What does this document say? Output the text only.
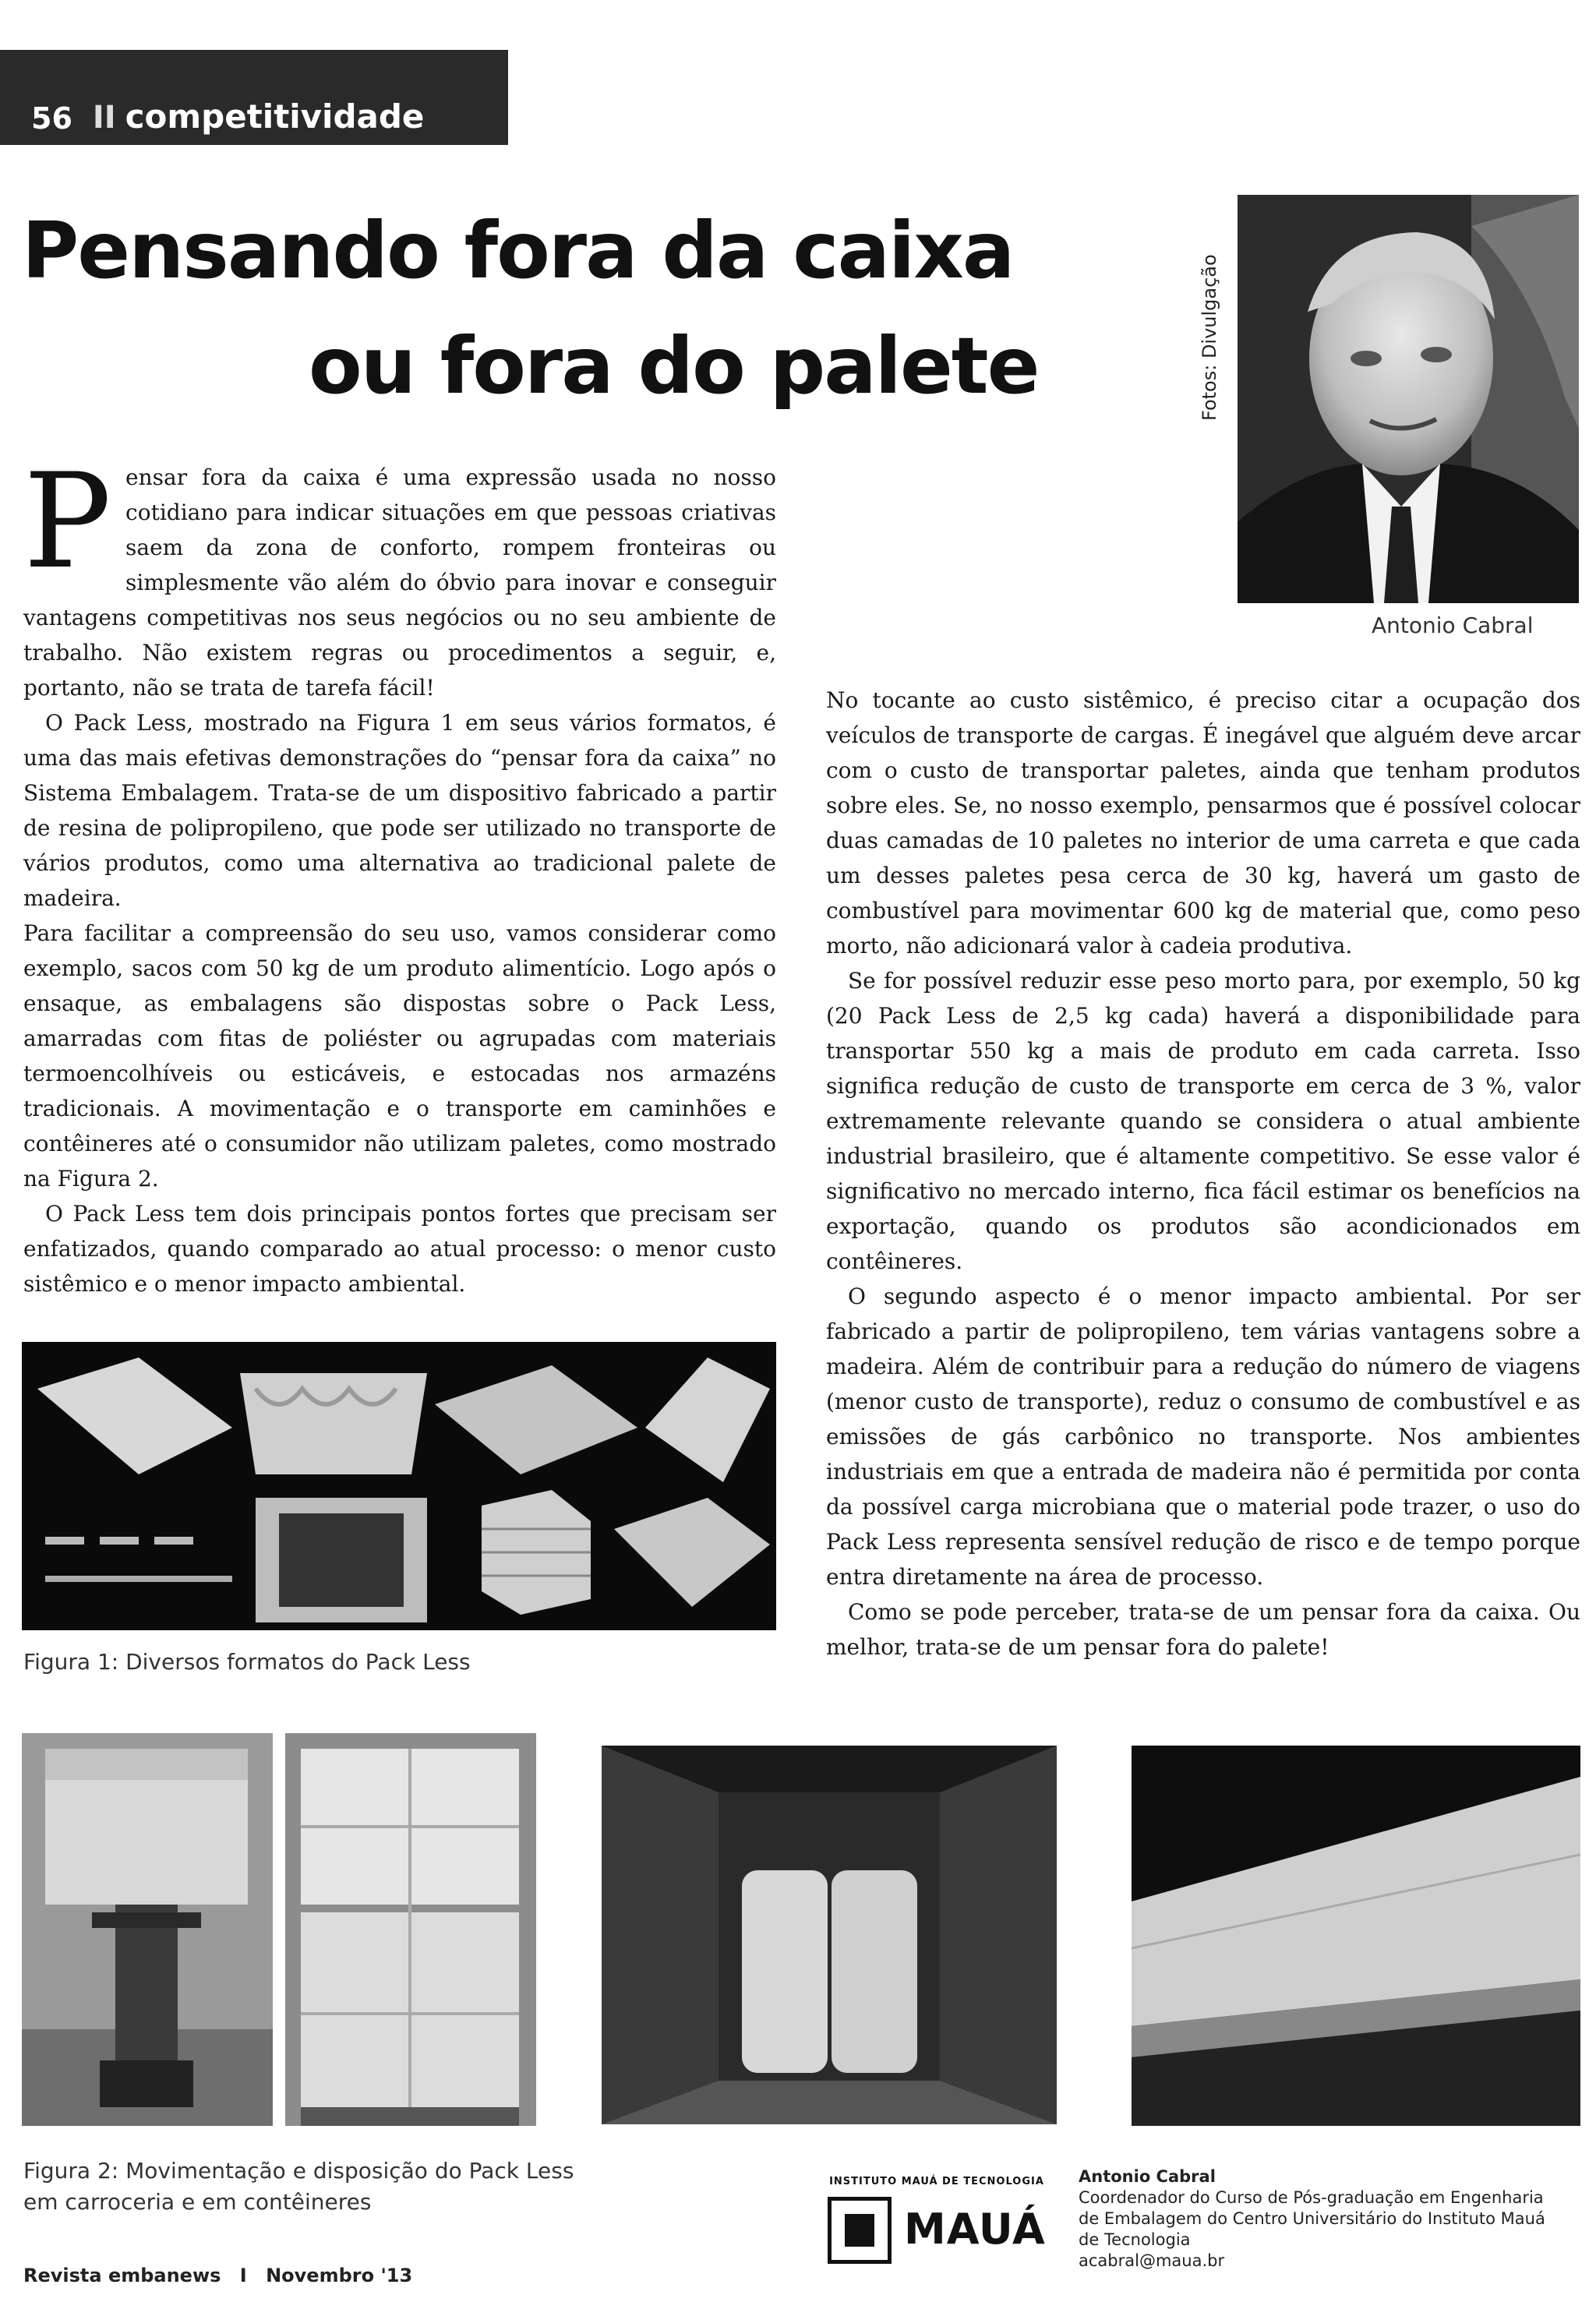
56 II competitividade
Pensando fora da caixa
ou fora do palete	Fotos: Divulgação
Antonio Cabral

Pensar fora da caixa é uma expressão usada no nosso cotidiano para indicar situações em que pessoas criativas saem da zona de conforto, rompem fronteiras ou simplesmente vão além do óbvio para inovar e conseguir vantagens competitivas nos seus negócios ou no seu ambiente de trabalho. Não existem regras ou procedimentos a seguir, e, portanto, não se trata de tarefa fácil!

O Pack Less, mostrado na Figura 1 em seus vários formatos, é uma das mais efetivas demonstrações do “pensar fora da caixa” no Sistema Embalagem. Trata-se de um dispositivo fabricado a partir de resina de polipropileno, que pode ser utilizado no transporte de vários produtos, como uma alternativa ao tradicional palete de madeira.

Para facilitar a compreensão do seu uso, vamos considerar como exemplo, sacos com 50 kg de um produto alimentício. Logo após o ensaque, as embalagens são dispostas sobre o Pack Less, amarradas com fitas de poliéster ou agrupadas com materiais termoencolhíveis ou esticáveis, e estocadas nos armazéns tradicionais. A movimentação e o transporte em caminhões e contêineres até o consumidor não utilizam paletes, como mostrado na Figura 2.

O Pack Less tem dois principais pontos fortes que precisam ser enfatizados, quando comparado ao atual processo: o menor custo sistêmico e o menor impacto ambiental.

No tocante ao custo sistêmico, é preciso citar a ocupação dos veículos de transporte de cargas. É inegável que alguém deve arcar com o custo de transportar paletes, ainda que tenham produtos sobre eles. Se, no nosso exemplo, pensarmos que é possível colocar duas camadas de 10 paletes no interior de uma carreta e que cada um desses paletes pesa cerca de 30 kg, haverá um gasto de combustível para movimentar 600 kg de material que, como peso morto, não adicionará valor à cadeia produtiva.

Se for possível reduzir esse peso morto para, por exemplo, 50 kg (20 Pack Less de 2,5 kg cada) haverá a disponibilidade para transportar 550 kg a mais de produto em cada carreta. Isso significa redução de custo de transporte em cerca de 3 %, valor extremamente relevante quando se considera o atual ambiente industrial brasileiro, que é altamente competitivo. Se esse valor é significativo no mercado interno, fica fácil estimar os benefícios na exportação, quando os produtos são acondicionados em contêineres.

O segundo aspecto é o menor impacto ambiental. Por ser fabricado a partir de polipropileno, tem várias vantagens sobre a madeira. Além de contribuir para a redução do número de viagens (menor custo de transporte), reduz o consumo de combustível e as emissões de gás carbônico no transporte. Nos ambientes industriais em que a entrada de madeira não é permitida por conta da possível carga microbiana que o material pode trazer, o uso do Pack Less representa sensível redução de risco e de tempo porque entra diretamente na área de processo.

Como se pode perceber, trata-se de um pensar fora da caixa. Ou melhor, trata-se de um pensar fora do palete!

Figura 1: Diversos formatos do Pack Less
Figura 2: Movimentação e disposição do Pack Less
em carroceria e em contêineres
Revista embanews I Novembro '13
INSTITUTO MAUÁ DE TECNOLOGIA
MAUÁ
Antonio Cabral
Coordenador do Curso de Pós-graduação em Engenharia
de Embalagem do Centro Universitário do Instituto Mauá
de Tecnologia
acabral@maua.br
